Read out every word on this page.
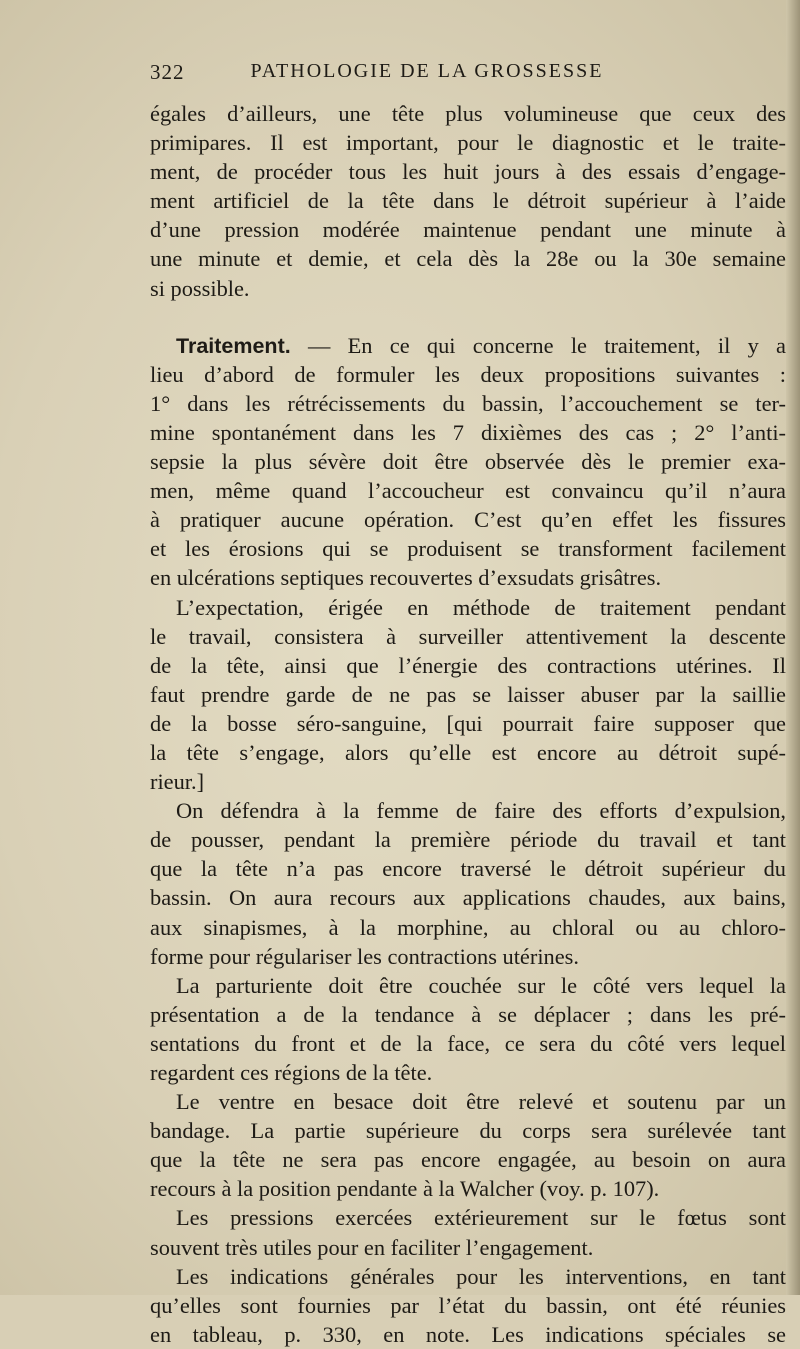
322	PATHOLOGIE DE LA GROSSESSE
égales d’ailleurs, une tête plus volumineuse que ceux des
primipares. Il est important, pour le diagnostic et le traite-
ment, de procéder tous les huit jours à des essais d’engage-
ment artificiel de la tête dans le détroit supérieur à l’aide
d’une pression modérée maintenue pendant une minute à
une minute et demie, et cela dès la 28e ou la 30e semaine
si possible.
Traitement. — En ce qui concerne le traitement, il y a
lieu d’abord de formuler les deux propositions suivantes :
1° dans les rétrécissements du bassin, l’accouchement se ter-
mine spontanément dans les 7 dixièmes des cas ; 2° l’anti-
sepsie la plus sévère doit être observée dès le premier exa-
men, même quand l’accoucheur est convaincu qu’il n’aura
à pratiquer aucune opération. C’est qu’en effet les fissures
et les érosions qui se produisent se transforment facilement
en ulcérations septiques recouvertes d’exsudats grisâtres.
L’expectation, érigée en méthode de traitement pendant
le travail, consistera à surveiller attentivement la descente
de la tête, ainsi que l’énergie des contractions utérines. Il
faut prendre garde de ne pas se laisser abuser par la saillie
de la bosse séro-sanguine, [qui pourrait faire supposer que
la tête s’engage, alors qu’elle est encore au détroit supé-
rieur.]
On défendra à la femme de faire des efforts d’expulsion,
de pousser, pendant la première période du travail et tant
que la tête n’a pas encore traversé le détroit supérieur du
bassin. On aura recours aux applications chaudes, aux bains,
aux sinapismes, à la morphine, au chloral ou au chloro-
forme pour régulariser les contractions utérines.
La parturiente doit être couchée sur le côté vers lequel la
présentation a de la tendance à se déplacer ; dans les pré-
sentations du front et de la face, ce sera du côté vers lequel
regardent ces régions de la tête.
Le ventre en besace doit être relevé et soutenu par un
bandage. La partie supérieure du corps sera surélevée tant
que la tête ne sera pas encore engagée, au besoin on aura
recours à la position pendante à la Walcher (voy. p. 107).
Les pressions exercées extérieurement sur le fœtus sont
souvent très utiles pour en faciliter l’engagement.
Les indications générales pour les interventions, en tant
qu’elles sont fournies par l’état du bassin, ont été réunies
en tableau, p. 330, en note. Les indications spéciales se
